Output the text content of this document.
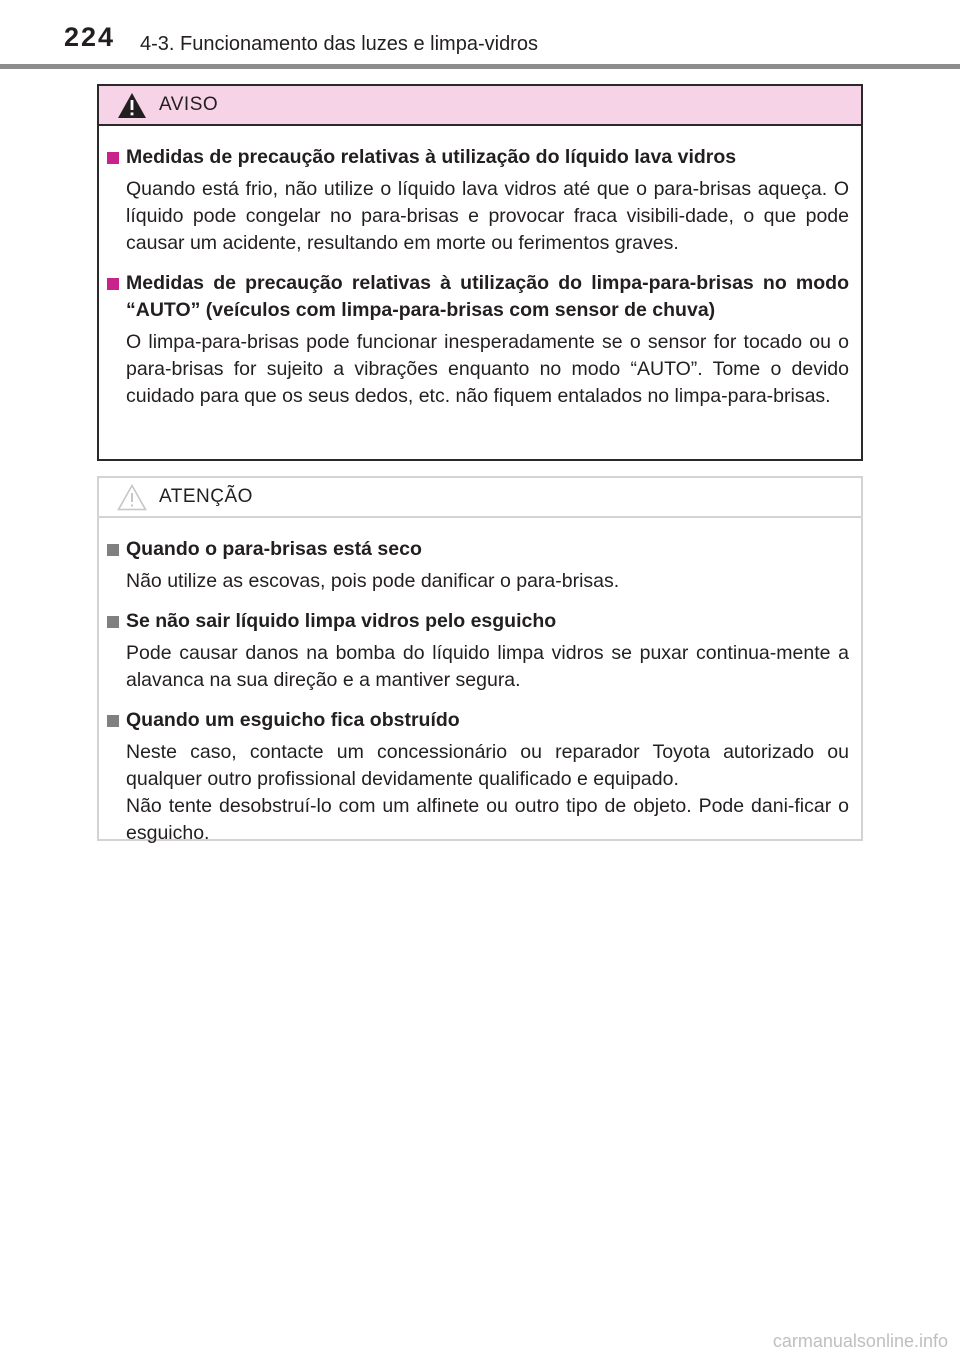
224 4-3. Funcionamento das luzes e limpa-vidros
AVISO
Medidas de precaução relativas à utilização do líquido lava vidros

Quando está frio, não utilize o líquido lava vidros até que o para-brisas aqueça. O líquido pode congelar no para-brisas e provocar fraca visibili-dade, o que pode causar um acidente, resultando em morte ou ferimentos graves.

Medidas de precaução relativas à utilização do limpa-para-brisas no modo “AUTO” (veículos com limpa-para-brisas com sensor de chuva)

O limpa-para-brisas pode funcionar inesperadamente se o sensor for tocado ou o para-brisas for sujeito a vibrações enquanto no modo “AUTO”. Tome o devido cuidado para que os seus dedos, etc. não fiquem entalados no limpa-para-brisas.

ATENÇÃO
Quando o para-brisas está seco

Não utilize as escovas, pois pode danificar o para-brisas.

Se não sair líquido limpa vidros pelo esguicho

Pode causar danos na bomba do líquido limpa vidros se puxar continua-mente a alavanca na sua direção e a mantiver segura.

Quando um esguicho fica obstruído

Neste caso, contacte um concessionário ou reparador Toyota autorizado ou qualquer outro profissional devidamente qualificado e equipado.

Não tente desobstruí-lo com um alfinete ou outro tipo de objeto. Pode dani-ficar o esguicho.

carmanualsonline.info
